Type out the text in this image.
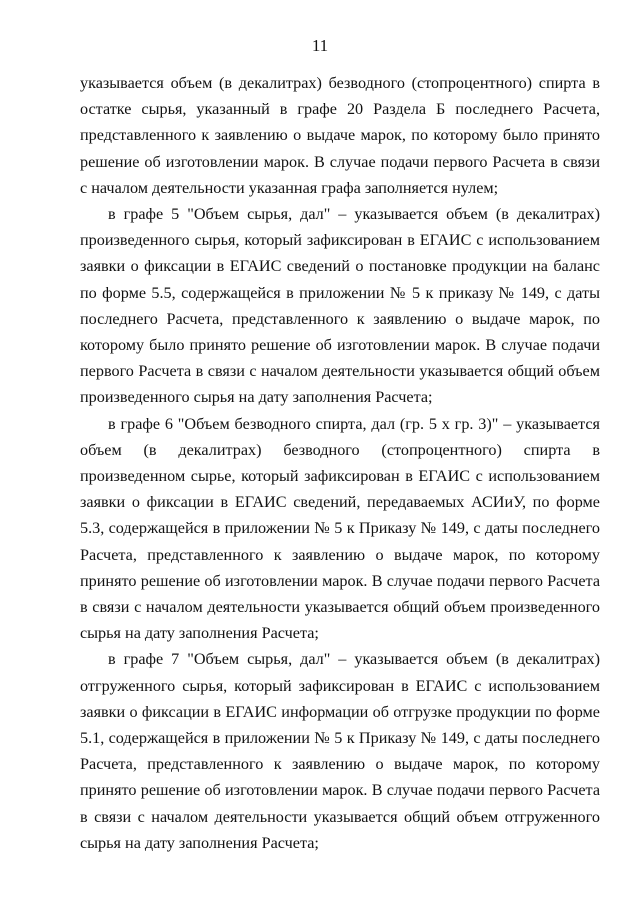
11

указывается объем (в декалитрах) безводного (стопроцентного) спирта в остатке сырья, указанный в графе 20 Раздела Б последнего Расчета, представленного к заявлению о выдаче марок, по которому было принято решение об изготовлении марок. В случае подачи первого Расчета в связи с началом деятельности указанная графа заполняется нулем;

в графе 5 "Объем сырья, дал" – указывается объем (в декалитрах) произведенного сырья, который зафиксирован в ЕГАИС с использованием заявки о фиксации в ЕГАИС сведений о постановке продукции на баланс по форме 5.5, содержащейся в приложении № 5 к приказу № 149, с даты последнего Расчета, представленного к заявлению о выдаче марок, по которому было принято решение об изготовлении марок. В случае подачи первого Расчета в связи с началом деятельности указывается общий объем произведенного сырья на дату заполнения Расчета;

в графе 6 "Объем безводного спирта, дал (гр. 5 x гр. 3)" – указывается объем (в декалитрах) безводного (стопроцентного) спирта в произведенном сырье, который зафиксирован в ЕГАИС с использованием заявки о фиксации в ЕГАИС сведений, передаваемых АСИиУ, по форме 5.3, содержащейся в приложении № 5 к Приказу № 149, с даты последнего Расчета, представленного к заявлению о выдаче марок, по которому принято решение об изготовлении марок. В случае подачи первого Расчета в связи с началом деятельности указывается общий объем произведенного сырья на дату заполнения Расчета;

в графе 7 "Объем сырья, дал" – указывается объем (в декалитрах) отгруженного сырья, который зафиксирован в ЕГАИС с использованием заявки о фиксации в ЕГАИС информации об отгрузке продукции по форме 5.1, содержащейся в приложении № 5 к Приказу № 149, с даты последнего Расчета, представленного к заявлению о выдаче марок, по которому принято решение об изготовлении марок. В случае подачи первого Расчета в связи с началом деятельности указывается общий объем отгруженного сырья на дату заполнения Расчета;
